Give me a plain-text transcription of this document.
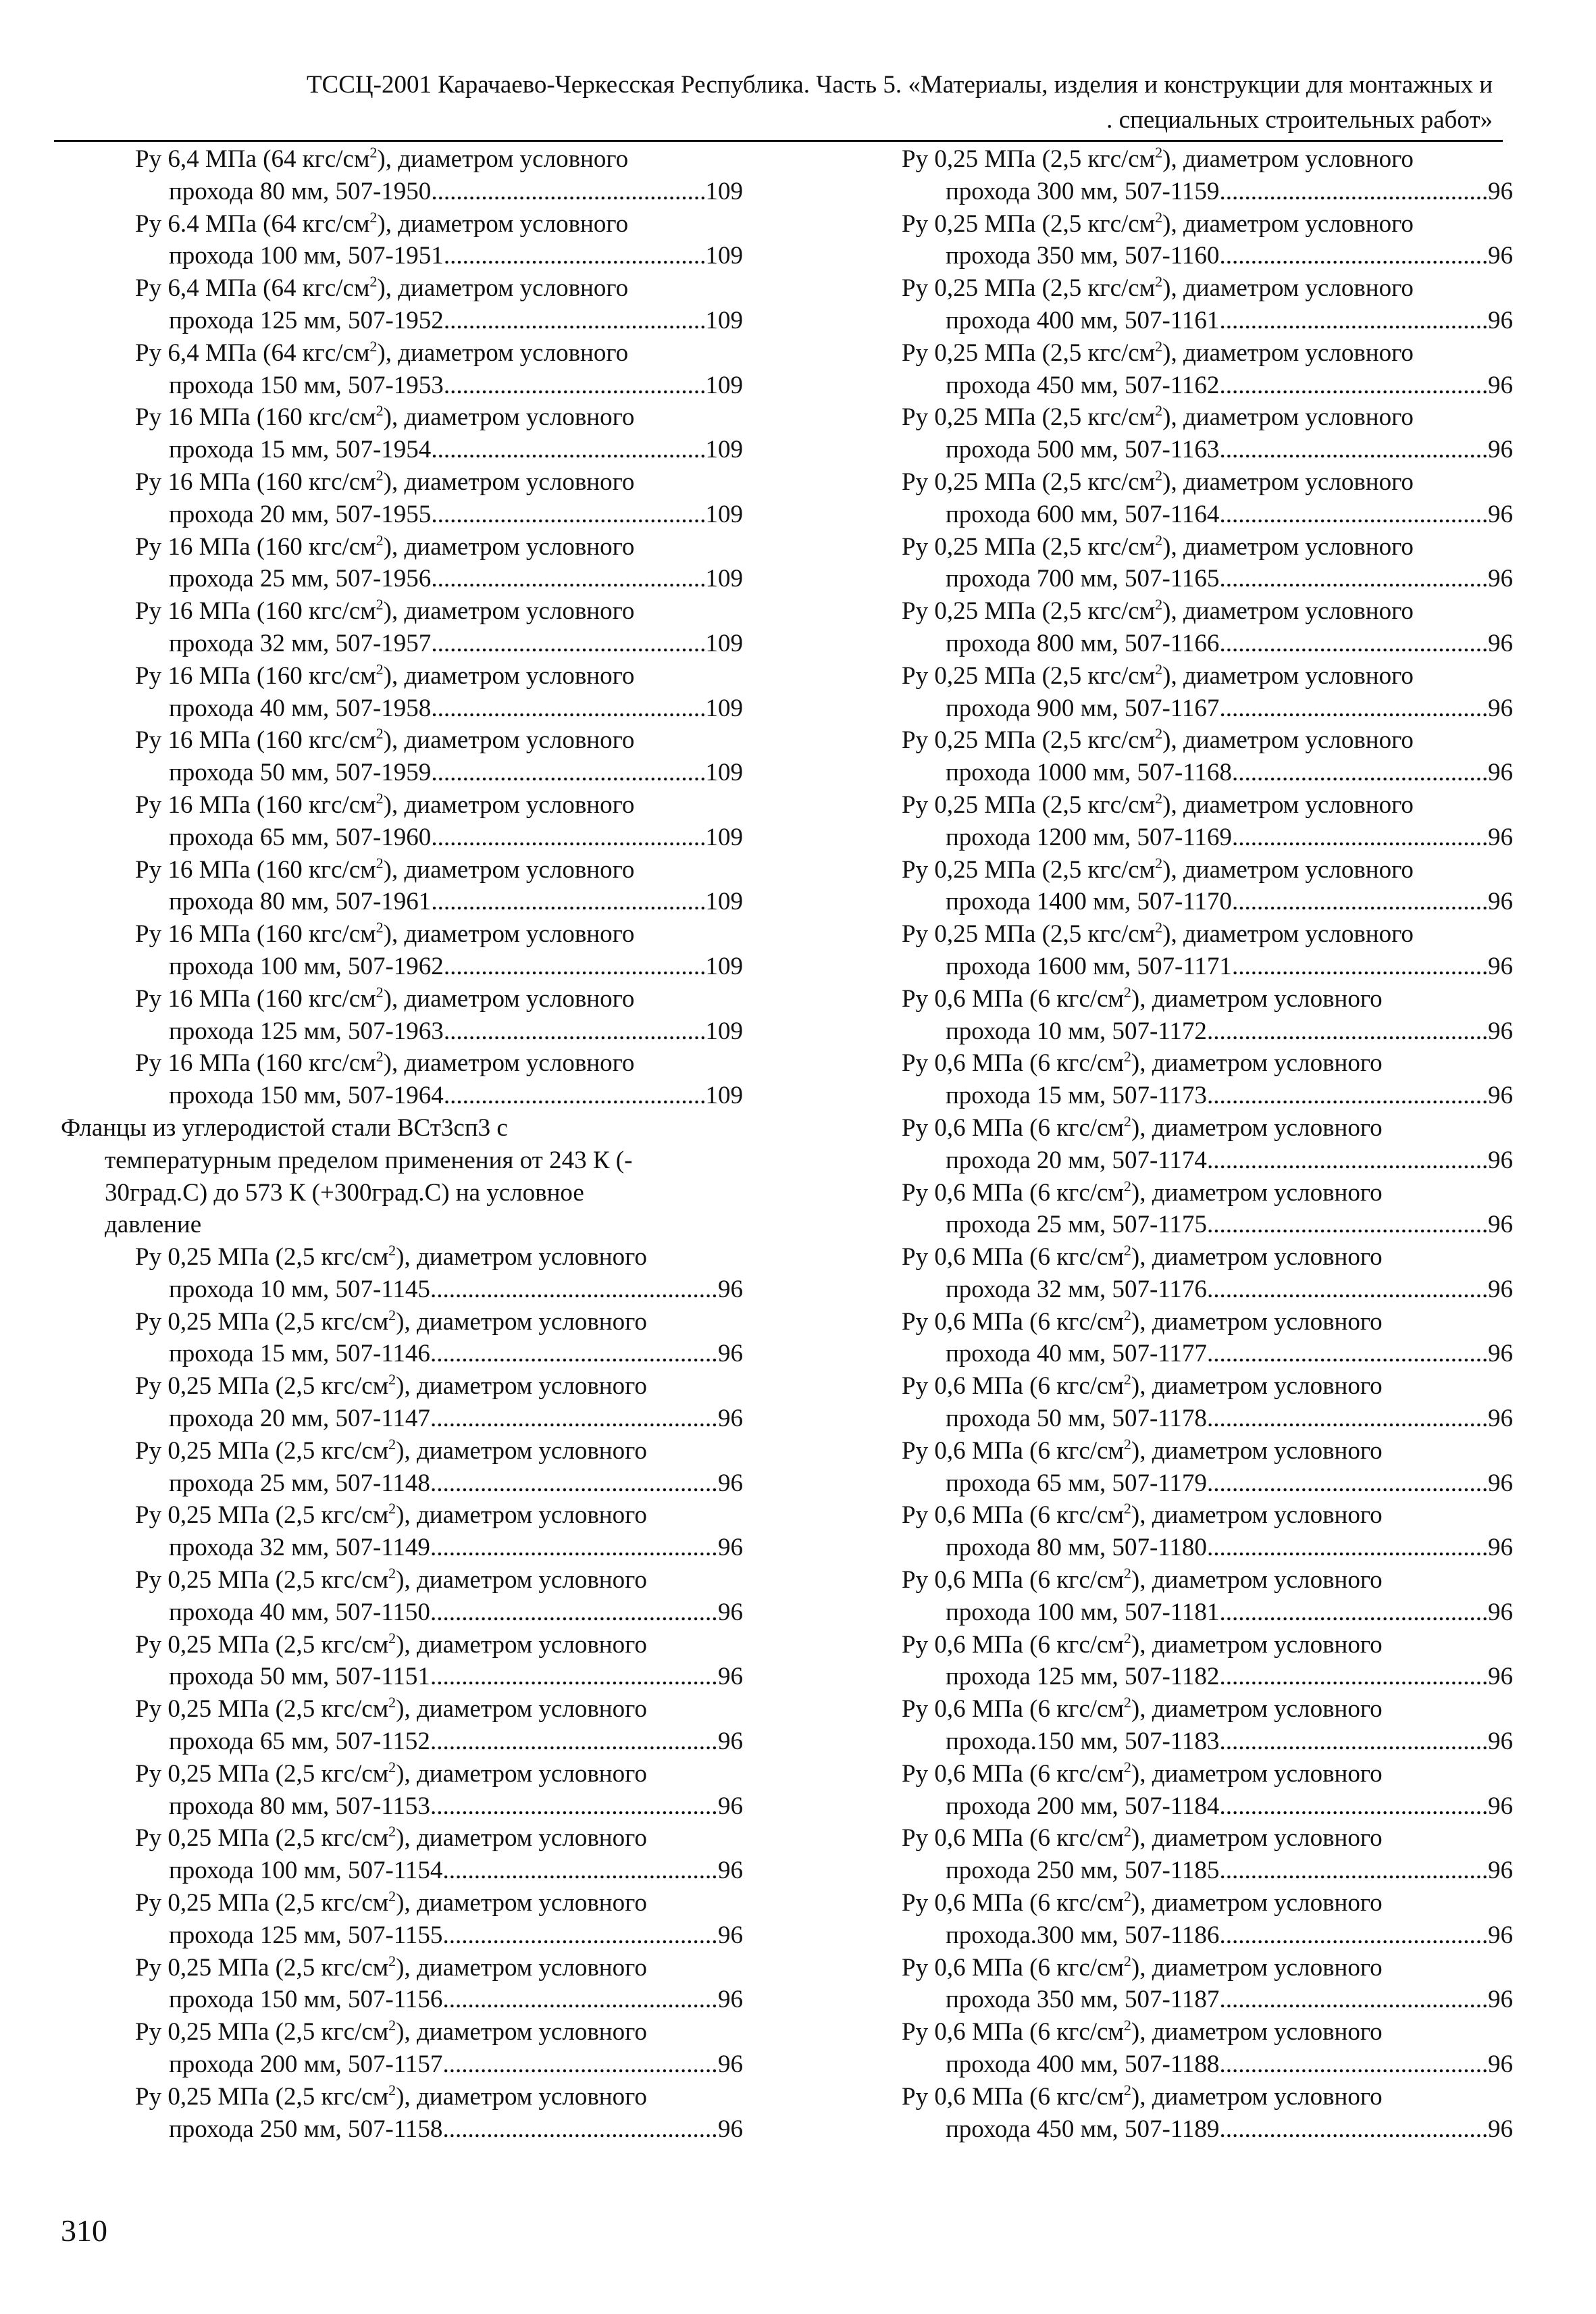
ТССЦ-2001 Карачаево-Черкесская Республика. Часть 5. «Материалы, изделия и конструкции для монтажных и
. специальных строительных работ»
Ру 6,4 МПа (64 кгс/$см^2$), диаметром условного
прохода 80 мм, 507-1950 .....	109
Ру 6.4 МПа (64 кгс/$см^2$), диаметром условного
прохода 100 мм, 507-1951 .....	109
Ру 6,4 МПа (64 кгс/$см^2$), диаметром условного
прохода 125 мм, 507-1952 .....	109
Ру 6,4 МПа (64 кгс/$см^2$), диаметром условного
прохода 150 мм, 507-1953 .....	109
Ру 16 МПа (160 кгс/$см^2$), диаметром условного
прохода 15 мм, 507-1954 .....	109
Ру 16 МПа (160 кгс/$см^2$), диаметром условного
прохода 20 мм, 507-1955 .....	109
Ру 16 МПа (160 кгс/$см^2$), диаметром условного
прохода 25 мм, 507-1956 .....	109
Ру 16 МПа (160 кгс/$см^2$), диаметром условного
прохода 32 мм, 507-1957 .....	109
Ру 16 МПа (160 кгс/$см^2$), диаметром условного
прохода 40 мм, 507-1958 .....	109
Ру 16 МПа (160 кгс/$см^2$), диаметром условного
прохода 50 мм, 507-1959 .....	109
Ру 16 МПа (160 кгс/$см^2$), диаметром условного
прохода 65 мм, 507-1960 .....	109
Ру 16 МПа (160 кгс/$см^2$), диаметром условного
прохода 80 мм, 507-1961 .....	109
Ру 16 МПа (160 кгс/$см^2$), диаметром условного
прохода 100 мм, 507-1962 .....	109
Ру 16 МПа (160 кгс/$см^2$), диаметром условного
прохода 125 мм, 507-1963 .....	109
Ру 16 МПа (160 кгс/$см^2$), диаметром условного
прохода 150 мм, 507-1964 .....	109
Фланцы из углеродистой стали ВСт3сп3 с
температурным пределом применения от 243 К (-
30град.С) до 573 К (+300град.С) на условное
давление
Ру 0,25 МПа (2,5 кгс/$см^2$), диаметром условного
прохода 10 мм, 507-1145 .....	96
Ру 0,25 МПа (2,5 кгс/$см^2$), диаметром условного
прохода 15 мм, 507-1146 .....	96
Ру 0,25 МПа (2,5 кгс/$см^2$), диаметром условного
прохода 20 мм, 507-1147 .....	96
Ру 0,25 МПа (2,5 кгс/$см^2$), диаметром условного
прохода 25 мм, 507-1148 .....	96
Ру 0,25 МПа (2,5 кгс/$см^2$), диаметром условного
прохода 32 мм, 507-1149 .....	96
Ру 0,25 МПа (2,5 кгс/$см^2$), диаметром условного
прохода 40 мм, 507-1150 .....	96
Ру 0,25 МПа (2,5 кгс/$см^2$), диаметром условного
прохода 50 мм, 507-1151 .....	96
Ру 0,25 МПа (2,5 кгс/$см^2$), диаметром условного
прохода 65 мм, 507-1152 .....	96
Ру 0,25 МПа (2,5 кгс/$см^2$), диаметром условного
прохода 80 мм, 507-1153 .....	96
Ру 0,25 МПа (2,5 кгс/$см^2$), диаметром условного
прохода 100 мм, 507-1154 .....	96
Ру 0,25 МПа (2,5 кгс/$см^2$), диаметром условного
прохода 125 мм, 507-1155 .....	96
Ру 0,25 МПа (2,5 кгс/$см^2$), диаметром условного
прохода 150 мм, 507-1156 .....	96
Ру 0,25 МПа (2,5 кгс/$см^2$), диаметром условного
прохода 200 мм, 507-1157 .....	96
Ру 0,25 МПа (2,5 кгс/$см^2$), диаметром условного
прохода 250 мм, 507-1158 .....	96
Ру 0,25 МПа (2,5 кгс/$см^2$), диаметром условного
прохода 300 мм, 507-1159 .....	96
Ру 0,25 МПа (2,5 кгс/$см^2$), диаметром условного
прохода 350 мм, 507-1160 .....	96
Ру 0,25 МПа (2,5 кгс/$см^2$), диаметром условного
прохода 400 мм, 507-1161 .....	96
Ру 0,25 МПа (2,5 кгс/$см^2$), диаметром условного
прохода 450 мм, 507-1162 .....	96
Ру 0,25 МПа (2,5 кгс/$см^2$), диаметром условного
прохода 500 мм, 507-1163 .....	96
Ру 0,25 МПа (2,5 кгс/$см^2$), диаметром условного
прохода 600 мм, 507-1164 .....	96
Ру 0,25 МПа (2,5 кгс/$см^2$), диаметром условного
прохода 700 мм, 507-1165 .....	96
Ру 0,25 МПа (2,5 кгс/$см^2$), диаметром условного
прохода 800 мм, 507-1166 .....	96
Ру 0,25 МПа (2,5 кгс/$см^2$), диаметром условного
прохода 900 мм, 507-1167 .....	96
Ру 0,25 МПа (2,5 кгс/$см^2$), диаметром условного
прохода 1000 мм, 507-1168 .....	96
Ру 0,25 МПа (2,5 кгс/$см^2$), диаметром условного
прохода 1200 мм, 507-1169 .....	96
Ру 0,25 МПа (2,5 кгс/$см^2$), диаметром условного
прохода 1400 мм, 507-1170 .....	96
Ру 0,25 МПа (2,5 кгс/$см^2$), диаметром условного
прохода 1600 мм, 507-1171 .....	96
Ру 0,6 МПа (6 кгс/$см^2$), диаметром условного
прохода 10 мм, 507-1172 .....	96
Ру 0,6 МПа (6 кгс/$см^2$), диаметром условного
прохода 15 мм, 507-1173 .....	96
Ру 0,6 МПа (6 кгс/$см^2$), диаметром условного
прохода 20 мм, 507-1174 .....	96
Ру 0,6 МПа (6 кгс/$см^2$), диаметром условного
прохода 25 мм, 507-1175 .....	96
Ру 0,6 МПа (6 кгс/$см^2$), диаметром условного
прохода 32 мм, 507-1176 .....	96
Ру 0,6 МПа (6 кгс/$см^2$), диаметром условного
прохода 40 мм, 507-1177 .....	96
Ру 0,6 МПа (6 кгс/$см^2$), диаметром условного
прохода 50 мм, 507-1178 .....	96
Ру 0,6 МПа (6 кгс/$см^2$), диаметром условного
прохода 65 мм, 507-1179 .....	96
Ру 0,6 МПа (6 кгс/$см^2$), диаметром условного
прохода 80 мм, 507-1180 .....	96
Ру 0,6 МПа (6 кгс/$см^2$), диаметром условного
прохода 100 мм, 507-1181 .....	96
Ру 0,6 МПа (6 кгс/$см^2$), диаметром условного
прохода 125 мм, 507-1182 .....	96
Ру 0,6 МПа (6 кгс/$см^2$), диаметром условного
прохода.150 мм, 507-1183 .....	96
Ру 0,6 МПа (6 кгс/$см^2$), диаметром условного
прохода 200 мм, 507-1184 .....	96
Ру 0,6 МПа (6 кгс/$см^2$), диаметром условного
прохода 250 мм, 507-1185 .....	96
Ру 0,6 МПа (6 кгс/$см^2$), диаметром условного
прохода.300 мм, 507-1186 .....	96
Ру 0,6 МПа (6 кгс/$см^2$), диаметром условного
прохода 350 мм, 507-1187 .....	96
Ру 0,6 МПа (6 кгс/$см^2$), диаметром условного
прохода 400 мм, 507-1188 .....	96
Ру 0,6 МПа (6 кгс/$см^2$), диаметром условного
прохода 450 мм, 507-1189 .....	96
310
